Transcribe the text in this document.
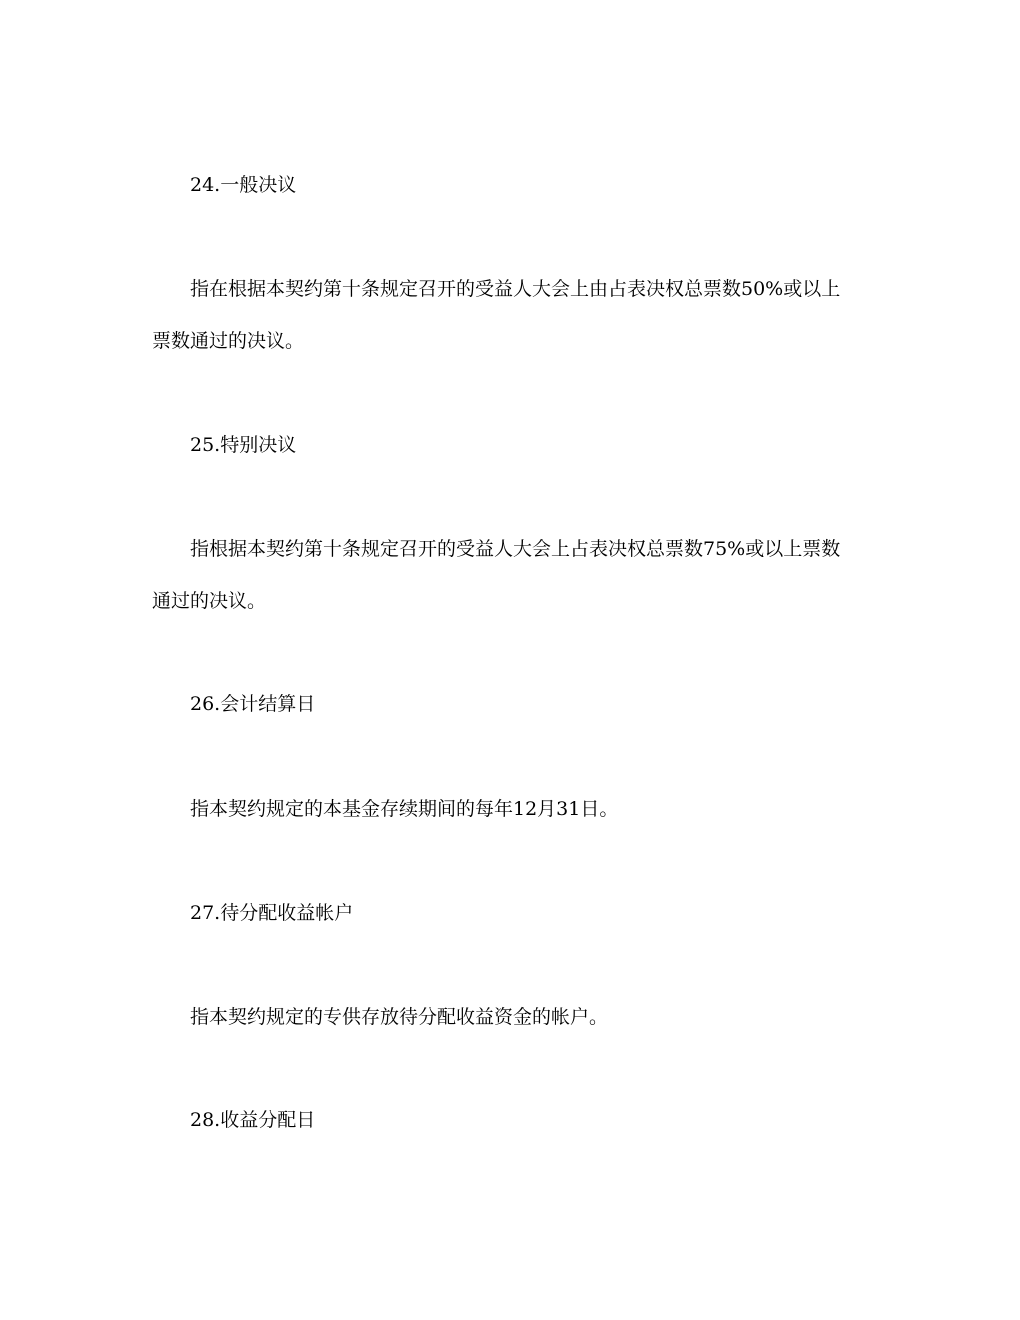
24.一般决议
指在根据本契约第十条规定召开的受益人大会上由占表决权总票数50%或以上
票数通过的决议。
25.特别决议
指根据本契约第十条规定召开的受益人大会上占表决权总票数75%或以上票数
通过的决议。
26.会计结算日
指本契约规定的本基金存续期间的每年12月31日。
27.待分配收益帐户
指本契约规定的专供存放待分配收益资金的帐户。
28.收益分配日
